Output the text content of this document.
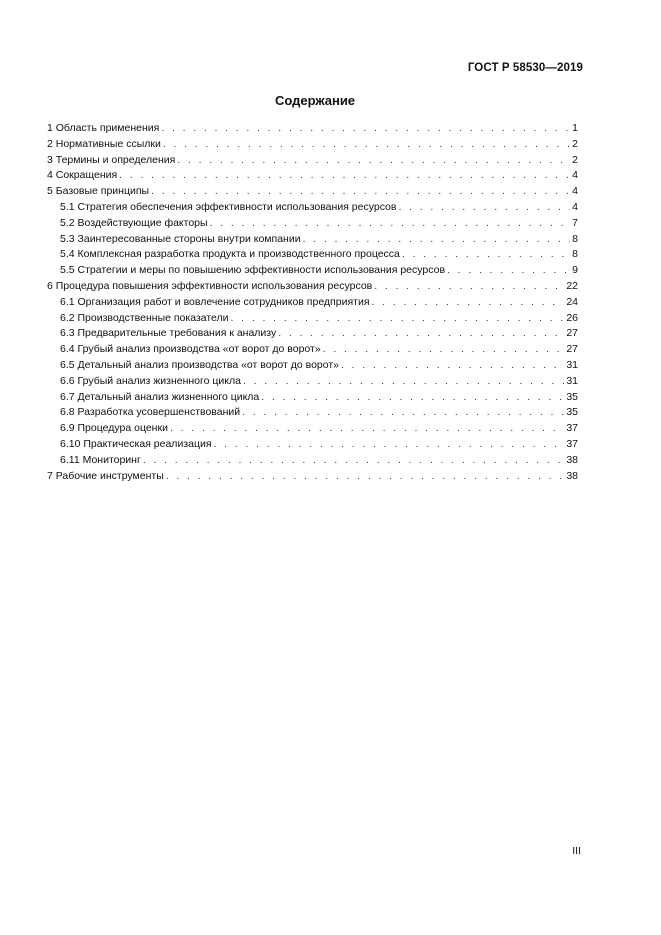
ГОСТ Р 58530—2019
Содержание
1 Область применения . . .	1
2 Нормативные ссылки . . .	2
3 Термины и определения . . .	2
4 Сокращения . . .	4
5 Базовые принципы . . .	4
5.1 Стратегия обеспечения эффективности использования ресурсов . . .	4
5.2 Воздействующие факторы . . .	7
5.3 Заинтересованные стороны внутри компании . . .	8
5.4 Комплексная разработка продукта и производственного процесса . . .	8
5.5 Стратегии и меры по повышению эффективности использования ресурсов . . .	9
6 Процедура повышения эффективности использования ресурсов . . .	22
6.1 Организация работ и вовлечение сотрудников предприятия . . .	24
6.2 Производственные показатели . . .	26
6.3 Предварительные требования к анализу . . .	27
6.4 Грубый анализ производства «от ворот до ворот» . . .	27
6.5 Детальный анализ производства «от ворот до ворот» . . .	31
6.6 Грубый анализ жизненного цикла . . .	31
6.7 Детальный анализ жизненного цикла . . .	35
6.8 Разработка усовершенствований . . .	35
6.9 Процедура оценки . . .	37
6.10 Практическая реализация . . .	37
6.11 Мониторинг . . .	38
7 Рабочие инструменты . . .	38
III
